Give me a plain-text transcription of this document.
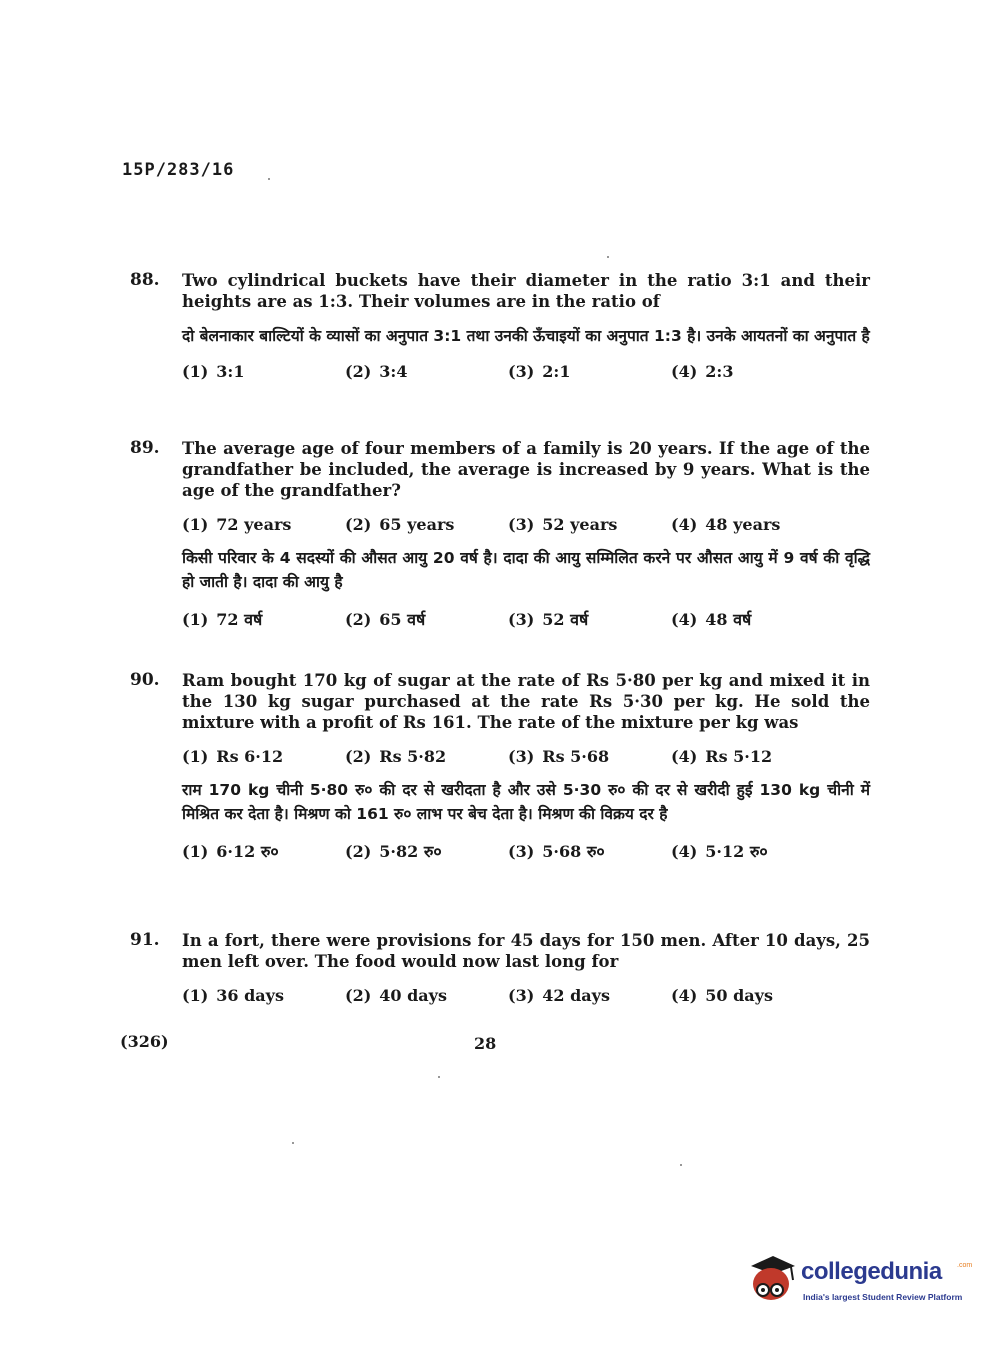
15P/283/16
88. Two cylindrical buckets have their diameter in the ratio 3:1 and their heights are as 1:3. Their volumes are in the ratio of
दो बेलनाकार बाल्टियों के व्यासों का अनुपात 3:1 तथा उनकी ऊँचाइयों का अनुपात 1:3 है। उनके आयतनों का अनुपात है
(1) 3:1	(2) 3:4	(3) 2:1	(4) 2:3
89. The average age of four members of a family is 20 years. If the age of the grandfather be included, the average is increased by 9 years. What is the age of the grandfather?
(1) 72 years	(2) 65 years	(3) 52 years	(4) 48 years
किसी परिवार के 4 सदस्यों की औसत आयु 20 वर्ष है। दादा की आयु सम्मिलित करने पर औसत आयु में 9 वर्ष की वृद्धि हो जाती है। दादा की आयु है
(1) 72 वर्ष	(2) 65 वर्ष	(3) 52 वर्ष	(4) 48 वर्ष
90. Ram bought 170 kg of sugar at the rate of Rs 5·80 per kg and mixed it in the 130 kg sugar purchased at the rate Rs 5·30 per kg. He sold the mixture with a profit of Rs 161. The rate of the mixture per kg was
(1) Rs 6·12	(2) Rs 5·82	(3) Rs 5·68	(4) Rs 5·12
राम 170 kg चीनी 5·80 रु० की दर से खरीदता है और उसे 5·30 रु० की दर से खरीदी हुई 130 kg चीनी में मिश्रित कर देता है। मिश्रण को 161 रु० लाभ पर बेच देता है। मिश्रण की विक्रय दर है
(1) 6·12 रु०	(2) 5·82 रु०	(3) 5·68 रु०	(4) 5·12 रु०
91. In a fort, there were provisions for 45 days for 150 men. After 10 days, 25 men left over. The food would now last long for
(1) 36 days	(2) 40 days	(3) 42 days	(4) 50 days
(326)	28
collegedunia .com
India's largest Student Review Platform
